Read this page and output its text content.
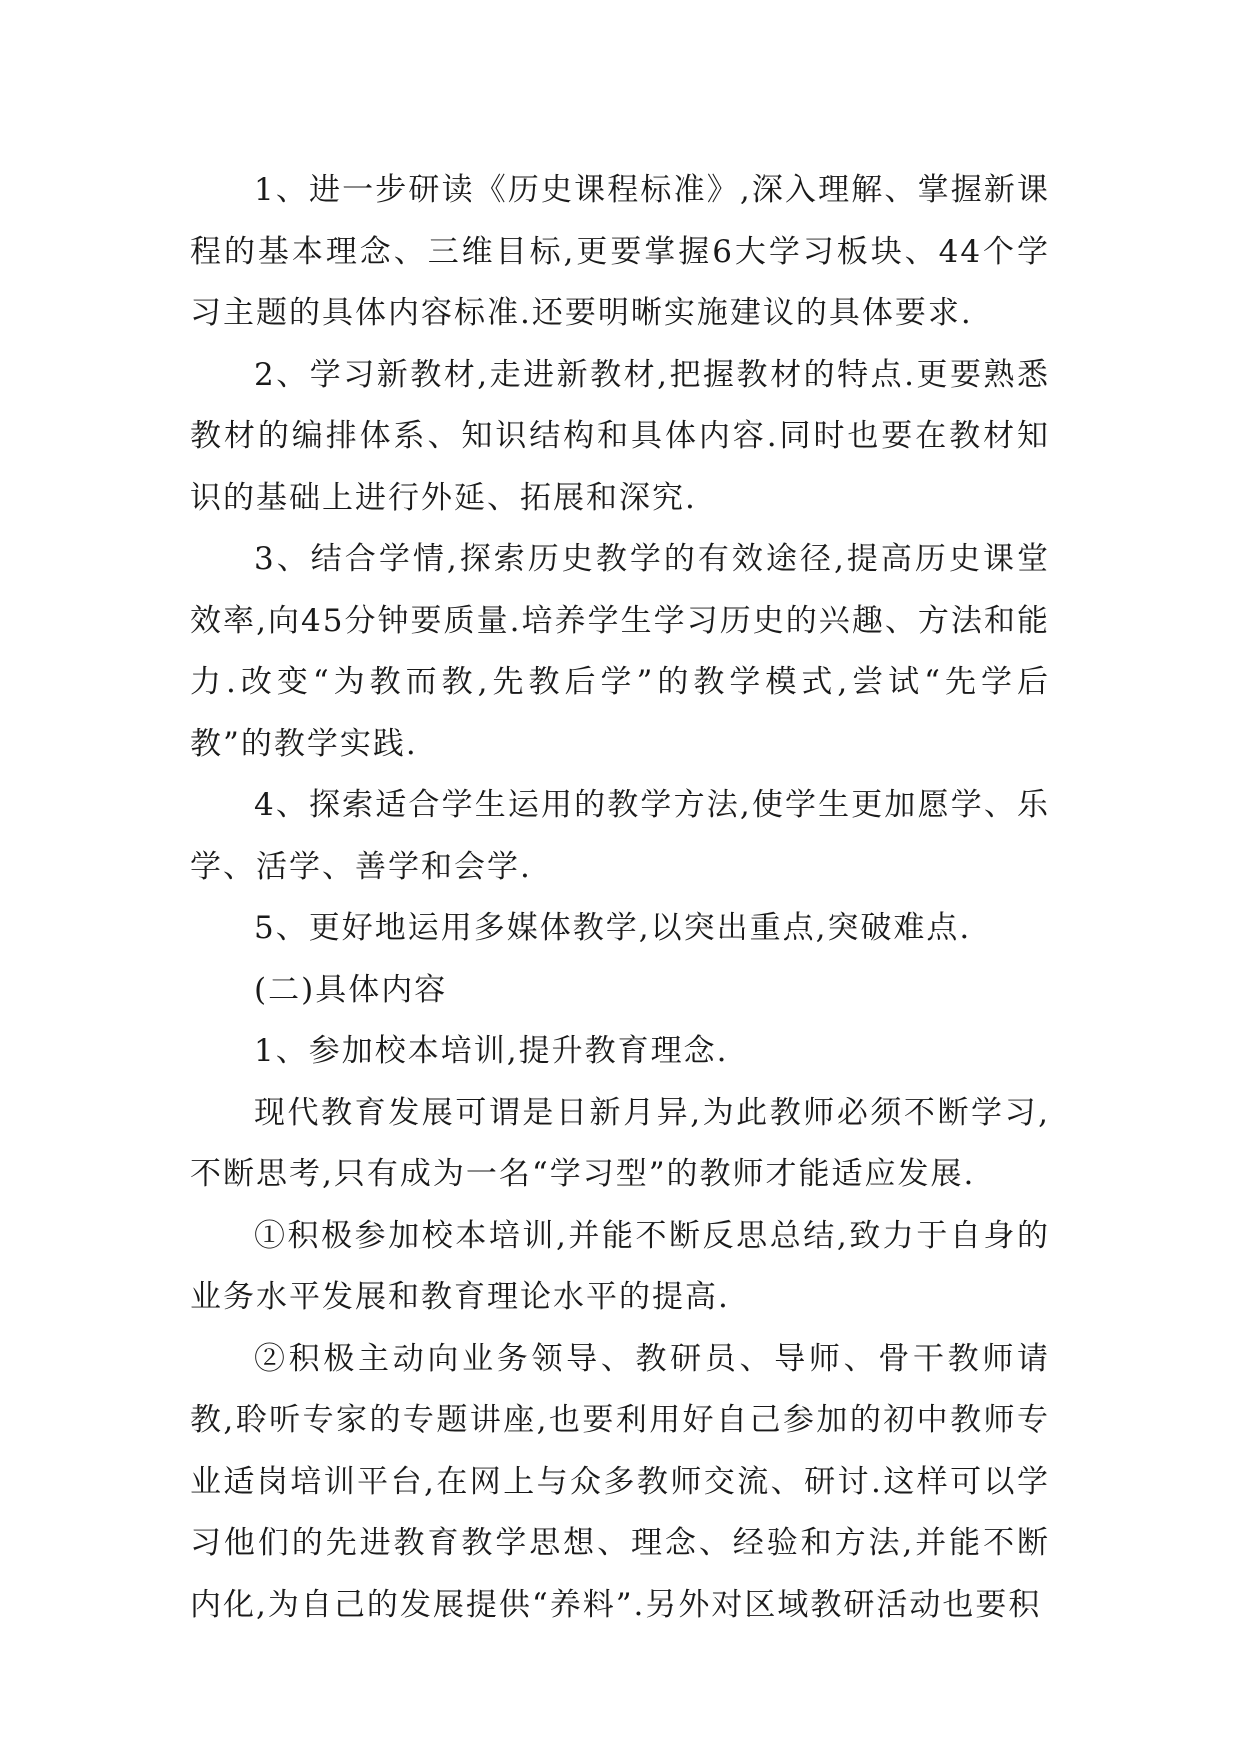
1、进一步研读《历史课程标准》,深入理解、掌握新课程的基本理念、三维目标,更要掌握6大学习板块、44个学习主题的具体内容标准.还要明晰实施建议的具体要求.

2、学习新教材,走进新教材,把握教材的特点.更要熟悉教材的编排体系、知识结构和具体内容.同时也要在教材知识的基础上进行外延、拓展和深究.

3、结合学情,探索历史教学的有效途径,提高历史课堂效率,向45分钟要质量.培养学生学习历史的兴趣、方法和能力.改变“为教而教,先教后学”的教学模式,尝试“先学后教”的教学实践.

4、探索适合学生运用的教学方法,使学生更加愿学、乐学、活学、善学和会学.

5、更好地运用多媒体教学,以突出重点,突破难点.

(二)具体内容

1、参加校本培训,提升教育理念.

现代教育发展可谓是日新月异,为此教师必须不断学习,不断思考,只有成为一名“学习型”的教师才能适应发展.

①积极参加校本培训,并能不断反思总结,致力于自身的业务水平发展和教育理论水平的提高.

②积极主动向业务领导、教研员、导师、骨干教师请教,聆听专家的专题讲座,也要利用好自己参加的初中教师专业适岗培训平台,在网上与众多教师交流、研讨.这样可以学习他们的先进教育教学思想、理念、经验和方法,并能不断内化,为自己的发展提供“养料”.另外对区域教研活动也要积
